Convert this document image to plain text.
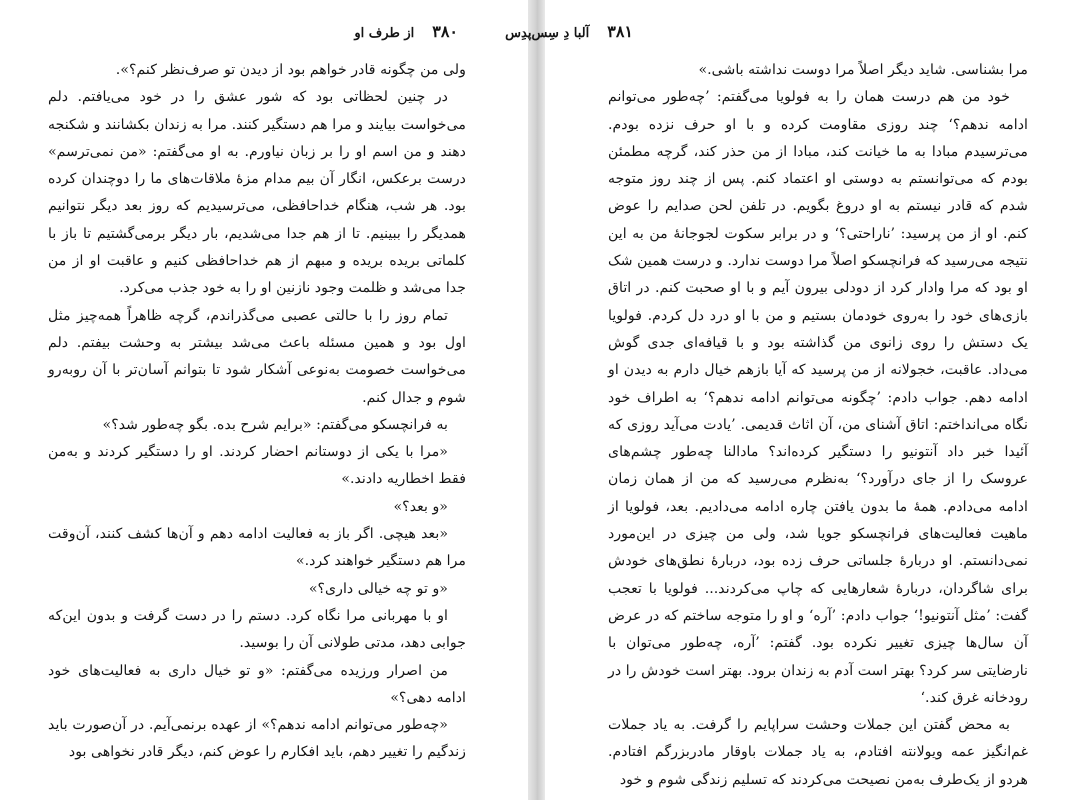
۳۸۰
از طرف او

ولی من چگونه قادر خواهم بود از دیدن تو صرف‌نظر کنم؟».

در چنین لحظاتی بود که شور عشق را در خود می‌یافتم. دلم می‌خواست بیایند و مرا هم دستگیر کنند. مرا به زندان بکشانند و شکنجه دهند و من اسم او را بر زبان نیاورم. به او می‌گفتم: «من نمی‌ترسم» درست برعکس، انگار آن بیم مدام مزهٔ ملاقات‌های ما را دوچندان کرده بود. هر شب، هنگام خداحافظی، می‌ترسیدیم که روز بعد دیگر نتوانیم همدیگر را ببینیم. تا از هم جدا می‌شدیم، بار دیگر برمی‌گشتیم تا باز با کلماتی بریده بریده و مبهم از هم خداحافظی کنیم و عاقبت او از من جدا می‌شد و ظلمت وجود نازنین او را به خود جذب می‌کرد.

تمام روز را با حالتی عصبی می‌گذراندم، گرچه ظاهراً همه‌چیز مثل اول بود و همین مسئله باعث می‌شد بیشتر به وحشت بیفتم. دلم می‌خواست خصومت به‌نوعی آشکار شود تا بتوانم آسان‌تر با آن روبه‌رو شوم و جدال کنم.

به فرانچسکو می‌گفتم: «برایم شرح بده. بگو چه‌طور شد؟»

«مرا با یکی از دوستانم احضار کردند. او را دستگیر کردند و به‌من فقط اخطاریه دادند.»

«و بعد؟»

«بعد هیچی. اگر باز به فعالیت ادامه دهم و آن‌ها کشف کنند، آن‌وقت مرا هم دستگیر خواهند کرد.»

«و تو چه خیالی داری؟»

او با مهربانی مرا نگاه کرد. دستم را در دست گرفت و بدون این‌که جوابی دهد، مدتی طولانی آن را بوسید.

من اصرار ورزیده می‌گفتم: «و تو خیال داری به فعالیت‌های خود ادامه دهی؟»

«چه‌طور می‌توانم ادامه ندهم؟» از عهده برنمی‌آیم. در آن‌صورت باید زندگیم را تغییر دهم، باید افکارم را عوض کنم، دیگر قادر نخواهی بود

۳۸۱
آلبا دِ سِس‌پدِس

مرا بشناسی. شاید دیگر اصلاً مرا دوست نداشته باشی.»

خود من هم درست همان را به فولویا می‌گفتم: ’چه‌طور می‌توانم ادامه ندهم؟‘ چند روزی مقاومت کرده و با او حرف نزده بودم. می‌ترسیدم مبادا به ما خیانت کند، مبادا از من حذر کند، گرچه مطمئن بودم که می‌توانستم به دوستی او اعتماد کنم. پس از چند روز متوجه شدم که قادر نیستم به او دروغ بگویم. در تلفن لحن صدایم را عوض کنم. او از من پرسید: ’ناراحتی؟‘ و در برابر سکوت لجوجانهٔ من به این نتیجه می‌رسید که فرانچسکو اصلاً مرا دوست ندارد. و درست همین شک او بود که مرا وادار کرد از دودلی بیرون آیم و با او صحبت کنم. در اتاق بازی‌های خود را به‌روی خودمان بستیم و من با او درد دل کردم. فولویا یک دستش را روی زانوی من گذاشته بود و با قیافه‌ای جدی گوش می‌داد. عاقبت، خجولانه از من پرسید که آیا بازهم خیال دارم به دیدن او ادامه دهم. جواب دادم: ’چگونه می‌توانم ادامه ندهم؟‘ به اطراف خود نگاه می‌انداختم: اتاق آشنای من، آن اثاث قدیمی. ’یادت می‌آید روزی که آئیدا خبر داد آنتونیو را دستگیر کرده‌اند؟ مادالنا چه‌طور چشم‌های عروسک را از جای درآورد؟‘ به‌نظرم می‌رسید که من از همان زمان ادامه می‌دادم. همهٔ ما بدون یافتن چاره ادامه می‌دادیم. بعد، فولویا از ماهیت فعالیت‌های فرانچسکو جویا شد، ولی من چیزی در این‌مورد نمی‌دانستم. او دربارهٔ جلساتی حرف زده بود، دربارهٔ نطق‌های خودش برای شاگردان، دربارهٔ شعارهایی که چاپ می‌کردند... فولویا با تعجب گفت: ’مثل آنتونیو!‘ جواب دادم: ’آره‘ و او را متوجه ساختم که در عرض آن سال‌ها چیزی تغییر نکرده بود. گفتم: ’آره، چه‌طور می‌توان با نارضایتی سر کرد؟ بهتر است آدم به زندان برود. بهتر است خودش را در رودخانه غرق کند.‘

به محض گفتن این جملات وحشت سراپایم را گرفت. به یاد جملات غم‌انگیز عمه ویولانته افتادم، به یاد جملات باوقار مادربزرگم افتادم. هردو از یک‌طرف به‌من نصیحت می‌کردند که تسلیم زندگی شوم و خود
